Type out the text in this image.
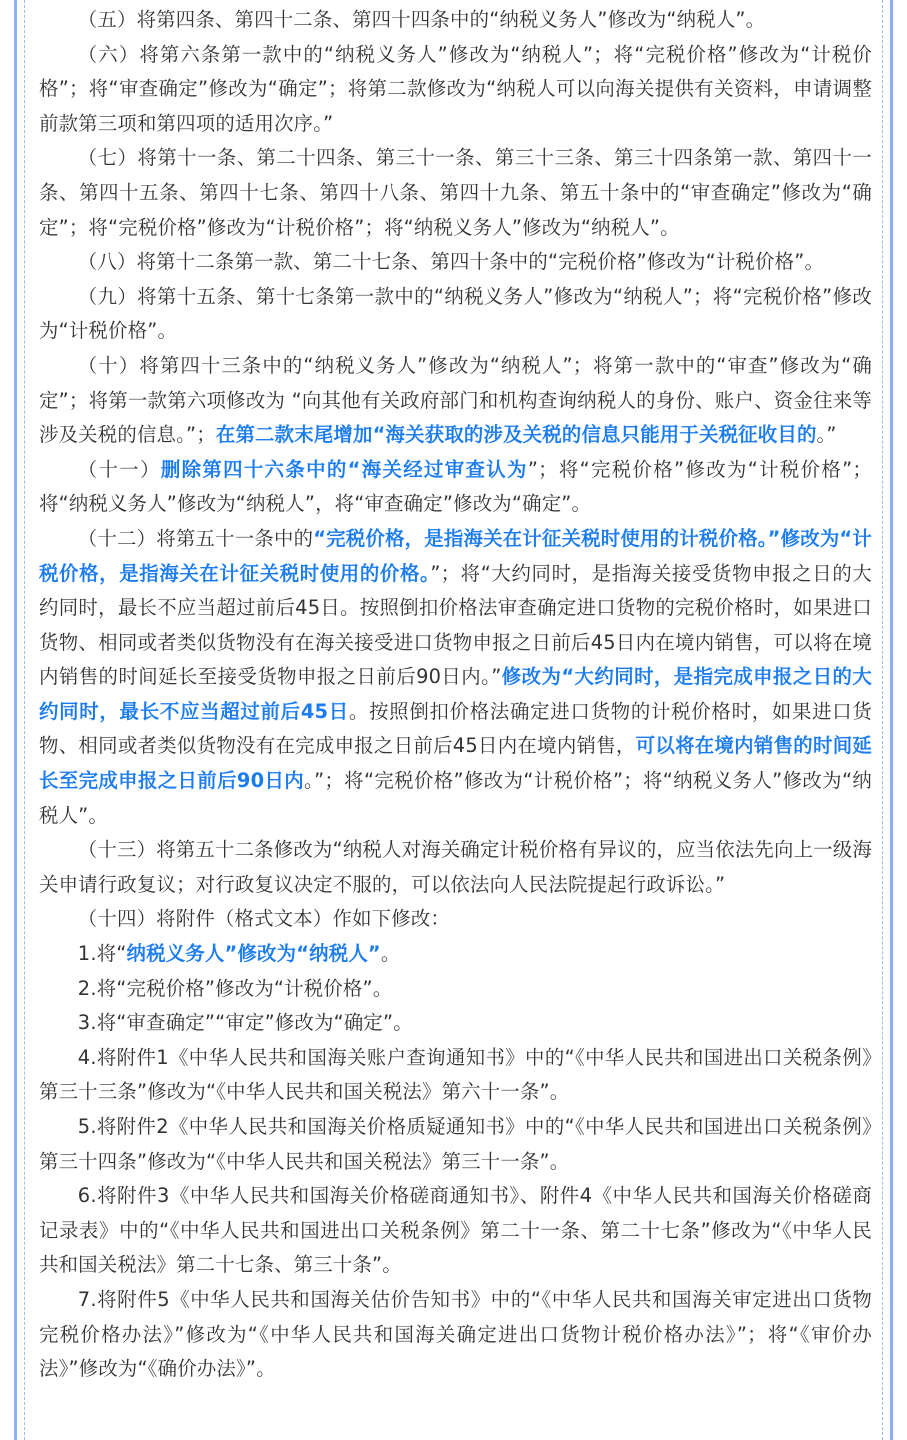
（五）将第四条、第四十二条、第四十四条中的“纳税义务人”修改为“纳税人”。

（六）将第六条第一款中的“纳税义务人”修改为“纳税人”；将“完税价格”修改为“计税价格”；将“审查确定”修改为“确定”；将第二款修改为“纳税人可以向海关提供有关资料，申请调整前款第三项和第四项的适用次序。”

（七）将第十一条、第二十四条、第三十一条、第三十三条、第三十四条第一款、第四十一条、第四十五条、第四十七条、第四十八条、第四十九条、第五十条中的“审查确定”修改为“确定”；将“完税价格”修改为“计税价格”；将“纳税义务人”修改为“纳税人”。

（八）将第十二条第一款、第二十七条、第四十条中的“完税价格”修改为“计税价格”。

（九）将第十五条、第十七条第一款中的“纳税义务人”修改为“纳税人”；将“完税价格”修改为“计税价格”。

（十）将第四十三条中的“纳税义务人”修改为“纳税人”；将第一款中的“审查”修改为“确定”；将第一款第六项修改为 “向其他有关政府部门和机构查询纳税人的身份、账户、资金往来等涉及关税的信息。”；在第二款末尾增加“海关获取的涉及关税的信息只能用于关税征收目的。”

（十一）删除第四十六条中的“海关经过审查认为”；将“完税价格”修改为“计税价格”；将“纳税义务人”修改为“纳税人”，将“审查确定”修改为“确定”。

（十二）将第五十一条中的“完税价格，是指海关在计征关税时使用的计税价格。”修改为“计税价格，是指海关在计征关税时使用的价格。”；将“大约同时，是指海关接受货物申报之日的大约同时，最长不应当超过前后45日。按照倒扣价格法审查确定进口货物的完税价格时，如果进口货物、相同或者类似货物没有在海关接受进口货物申报之日前后45日内在境内销售，可以将在境内销售的时间延长至接受货物申报之日前后90日内。”修改为“大约同时，是指完成申报之日的大约同时，最长不应当超过前后45日。按照倒扣价格法确定进口货物的计税价格时，如果进口货物、相同或者类似货物没有在完成申报之日前后45日内在境内销售，可以将在境内销售的时间延长至完成申报之日前后90日内。”；将“完税价格”修改为“计税价格”；将“纳税义务人”修改为“纳税人”。

（十三）将第五十二条修改为“纳税人对海关确定计税价格有异议的，应当依法先向上一级海关申请行政复议；对行政复议决定不服的，可以依法向人民法院提起行政诉讼。”

（十四）将附件（格式文本）作如下修改：

1.将“纳税义务人”修改为“纳税人”。

2.将“完税价格”修改为“计税价格”。

3.将“审查确定”“审定”修改为“确定”。

4.将附件1《中华人民共和国海关账户查询通知书》中的“《中华人民共和国进出口关税条例》第三十三条”修改为“《中华人民共和国关税法》第六十一条”。

5.将附件2《中华人民共和国海关价格质疑通知书》中的“《中华人民共和国进出口关税条例》第三十四条”修改为“《中华人民共和国关税法》第三十一条”。

6.将附件3《中华人民共和国海关价格磋商通知书》、附件4《中华人民共和国海关价格磋商记录表》中的“《中华人民共和国进出口关税条例》第二十一条、第二十七条”修改为“《中华人民共和国关税法》第二十七条、第三十条”。

7.将附件5《中华人民共和国海关估价告知书》中的“《中华人民共和国海关审定进出口货物完税价格办法》”修改为“《中华人民共和国海关确定进出口货物计税价格办法》”；将“《审价办法》”修改为“《确价办法》”。
